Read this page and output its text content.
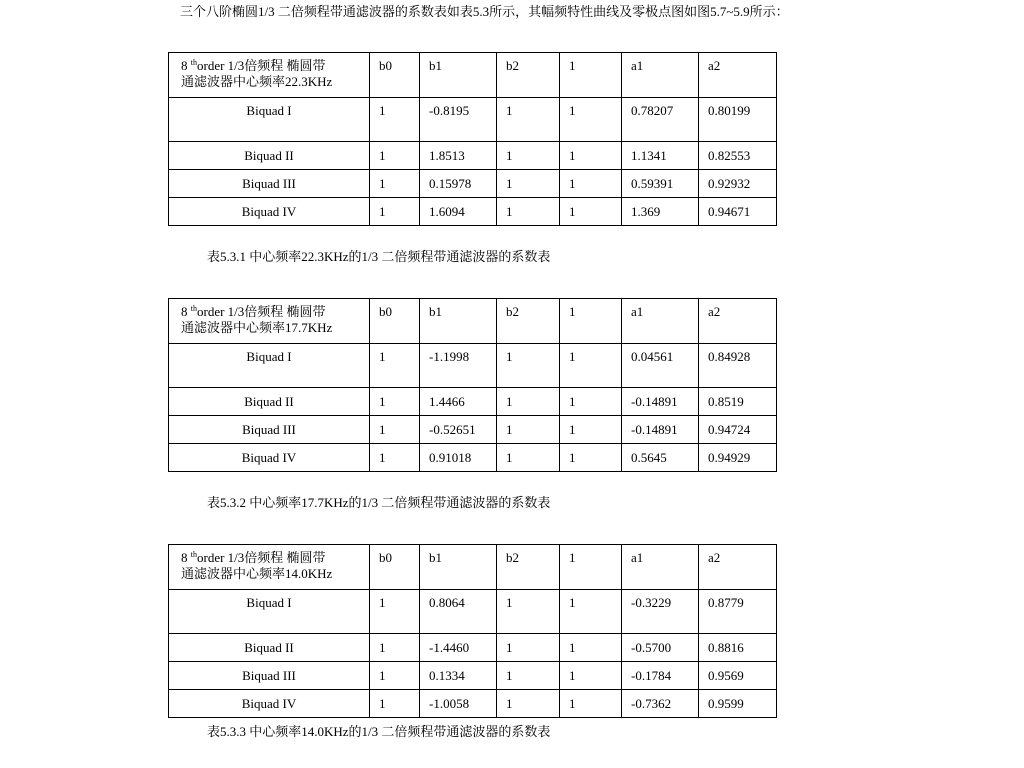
三个八阶椭圆1/3 二倍频程带通滤波器的系数表如表5.3所示，其幅频特性曲线及零极点图如图5.7~5.9所示：
8 $^{th}$order 1/3倍频程 椭圆带
通滤波器中心频率22.3KHz	b0	b1	b2	1	a1	a2
Biquad I	1	-0.8195	1	1	0.78207	0.80199
Biquad II	1	1.8513	1	1	1.1341	0.82553
Biquad III	1	0.15978	1	1	0.59391	0.92932
Biquad IV	1	1.6094	1	1	1.369	0.94671
表5.3.1 中心频率22.3KHz的1/3 二倍频程带通滤波器的系数表
8 $^{th}$order 1/3倍频程 椭圆带
通滤波器中心频率17.7KHz	b0	b1	b2	1	a1	a2
Biquad I	1	-1.1998	1	1	0.04561	0.84928
Biquad II	1	1.4466	1	1	-0.14891	0.8519
Biquad III	1	-0.52651	1	1	-0.14891	0.94724
Biquad IV	1	0.91018	1	1	0.5645	0.94929
表5.3.2 中心频率17.7KHz的1/3 二倍频程带通滤波器的系数表
8 $^{th}$order 1/3倍频程 椭圆带
通滤波器中心频率14.0KHz	b0	b1	b2	1	a1	a2
Biquad I	1	0.8064	1	1	-0.3229	0.8779
Biquad II	1	-1.4460	1	1	-0.5700	0.8816
Biquad III	1	0.1334	1	1	-0.1784	0.9569
Biquad IV	1	-1.0058	1	1	-0.7362	0.9599
表5.3.3 中心频率14.0KHz的1/3 二倍频程带通滤波器的系数表
